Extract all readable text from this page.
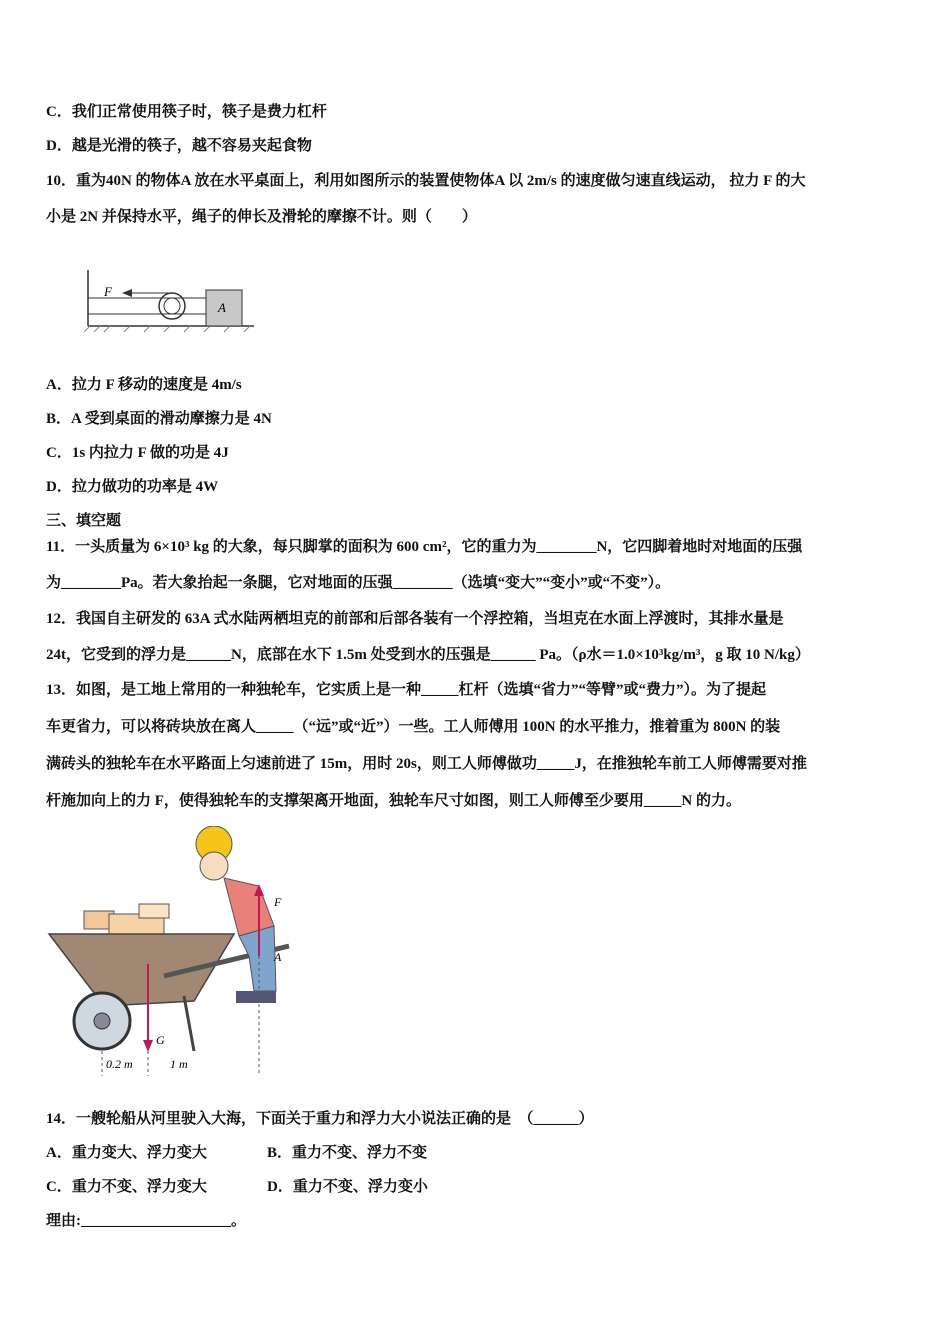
C．我们正常使用筷子时，筷子是费力杠杆
D．越是光滑的筷子，越不容易夹起食物
10．重为40N 的物体A 放在水平桌面上，利用如图所示的装置使物体A 以 2m/s 的速度做匀速直线运动， 拉力 F 的大
小是 2N 并保持水平，绳子的伸长及滑轮的摩擦不计。则（　　）
F
A
A．拉力 F 移动的速度是 4m/s
B．A 受到桌面的滑动摩擦力是 4N
C．1s 内拉力 F 做的功是 4J
D．拉力做功的功率是 4W
三、填空题
11．一头质量为 6×10³ kg 的大象，每只脚掌的面积为 600 cm²，它的重力为________N，它四脚着地时对地面的压强
为________Pa。若大象抬起一条腿，它对地面的压强________（选填“变大”“变小”或“不变”）。
12．我国自主研发的 63A 式水陆两栖坦克的前部和后部各装有一个浮控箱，当坦克在水面上浮渡时，其排水量是
24t，它受到的浮力是______N，底部在水下 1.5m 处受到水的压强是______ Pa。（ρ水＝1.0×10³kg/m³，g 取 10 N/kg）
13．如图，是工地上常用的一种独轮车，它实质上是一种_____杠杆（选填“省力”“等臂”或“费力”）。为了提起
车更省力，可以将砖块放在离人_____（“远”或“近”）一些。工人师傅用 100N 的水平推力，推着重为 800N 的装
满砖头的独轮车在水平路面上匀速前进了 15m，用时 20s，则工人师傅做功_____J，在推独轮车前工人师傅需要对推
杆施加向上的力 F，使得独轮车的支撑架离开地面，独轮车尺寸如图，则工人师傅至少要用_____N 的力。
F
A
G
0.2 m	1 m
14．一艘轮船从河里驶入大海，下面关于重力和浮力大小说法正确的是　（______）
A．重力变大、浮力变大	B．重力不变、浮力不变
C．重力不变、浮力变大	D．重力不变、浮力变小
理由:____________________。
